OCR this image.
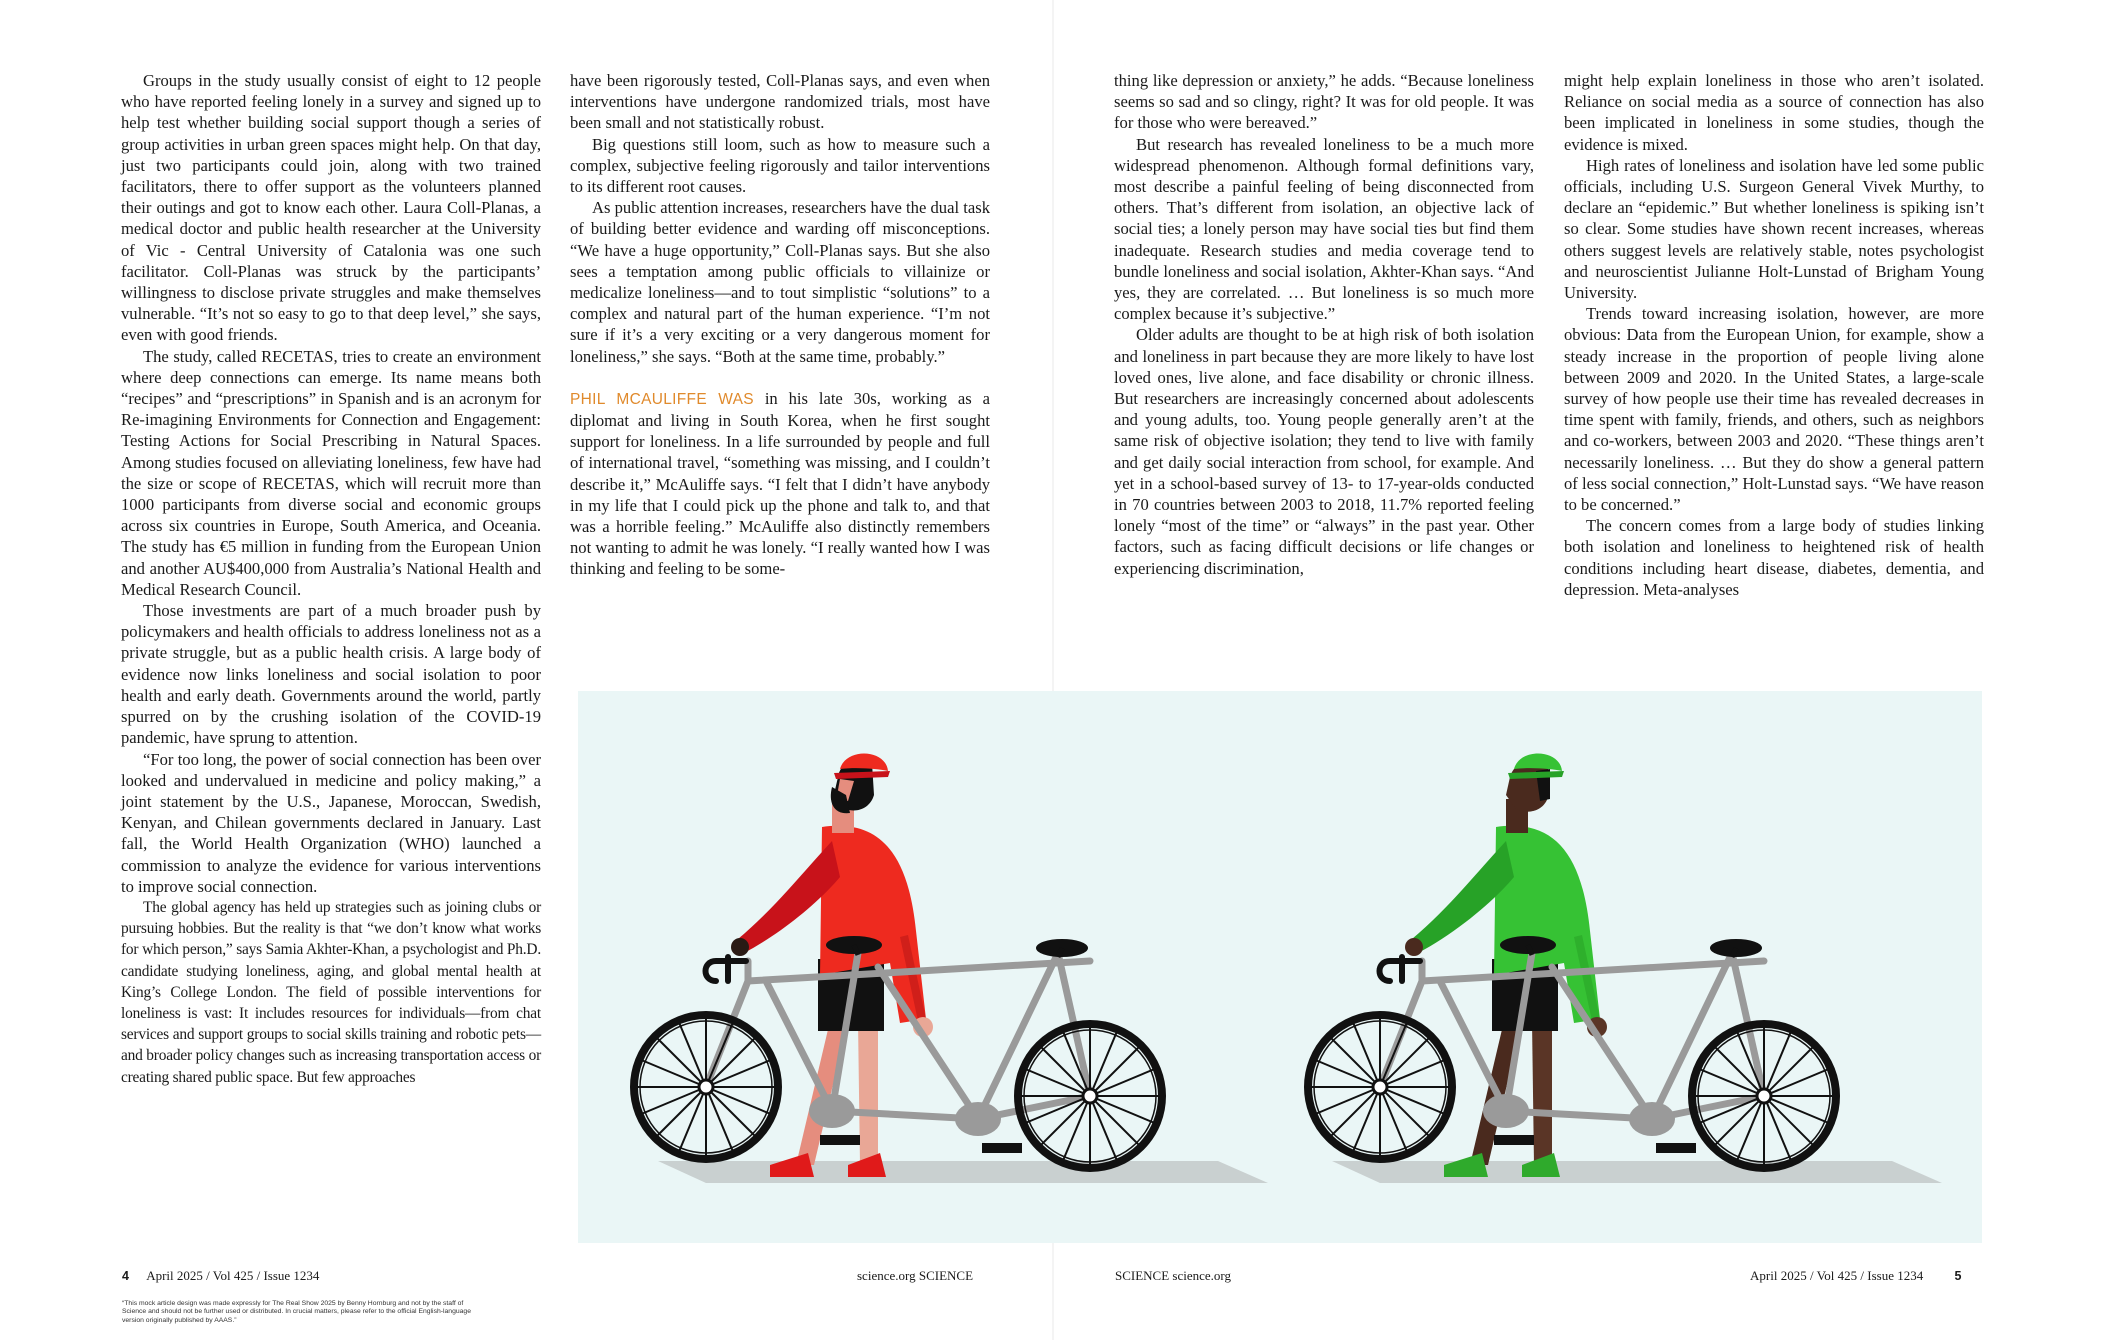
Groups in the study usually consist of eight to 12 people who have reported feeling lonely in a survey and signed up to help test whether building social support though a series of group activities in urban green spaces might help. On that day, just two participants could join, along with two trained facilitators, there to offer support as the volunteers planned their outings and got to know each other. Laura Coll-Planas, a medical doctor and public health researcher at the University of Vic - Central University of Catalonia was one such facilitator. Coll-Planas was struck by the participants’ willingness to disclose private struggles and make themselves vulnerable. “It’s not so easy to go to that deep level,” she says, even with good friends.

The study, called RECETAS, tries to create an environment where deep connections can emerge. Its name means both “recipes” and “prescriptions” in Spanish and is an acronym for Re-imagining Environments for Connection and Engagement: Testing Actions for Social Prescribing in Natural Spaces. Among studies focused on alleviating loneliness, few have had the size or scope of RECETAS, which will recruit more than 1000 participants from diverse social and economic groups across six countries in Europe, South America, and Oceania. The study has €5 million in funding from the European Union and another AU$400,000 from Australia’s National Health and Medical Research Council.

Those investments are part of a much broader push by policymakers and health officials to address loneliness not as a private struggle, but as a public health crisis. A large body of evidence now links loneliness and social isolation to poor health and early death. Governments around the world, partly spurred on by the crushing isolation of the COVID-19 pandemic, have sprung to attention.

“For too long, the power of social connection has been over looked and undervalued in medicine and policy making,” a joint statement by the U.S., Japanese, Moroccan, Swedish, Kenyan, and Chilean governments declared in January. Last fall, the World Health Organization (WHO) launched a commission to analyze the evidence for various interventions to improve social connection.

The global agency has held up strategies such as joining clubs or pursuing hobbies. But the reality is that “we don’t know what works for which person,” says Samia Akhter-Khan, a psychologist and Ph.D. candidate studying loneliness, aging, and global mental health at King’s College London. The field of possible interventions for loneliness is vast: It includes resources for individuals—from chat services and support groups to social skills training and robotic pets—and broader policy changes such as increasing transportation access or creating shared public space. But few approaches

have been rigorously tested, Coll-Planas says, and even when interventions have undergone randomized trials, most have been small and not statistically robust.

Big questions still loom, such as how to measure such a complex, subjective feeling rigorously and tailor interventions to its different root causes.

As public attention increases, researchers have the dual task of building better evidence and warding off misconceptions. “We have a huge opportunity,” Coll-Planas says. But she also sees a temptation among public officials to villainize or medicalize loneliness—and to tout simplistic “solutions” to a complex and natural part of the human experience. “I’m not sure if it’s a very exciting or a very dangerous moment for loneliness,” she says. “Both at the same time, probably.”

PHIL MCAULIFFE WAS in his late 30s, working as a diplomat and living in South Korea, when he first sought support for loneliness. In a life surrounded by people and full of international travel, “something was missing, and I couldn’t describe it,” McAuliffe says. “I felt that I didn’t have anybody in my life that I could pick up the phone and talk to, and that was a horrible feeling.” McAuliffe also distinctly remembers not wanting to admit he was lonely. “I really wanted how I was thinking and feeling to be some-

thing like depression or anxiety,” he adds. “Because loneliness seems so sad and so clingy, right? It was for old people. It was for those who were bereaved.”

But research has revealed loneliness to be a much more widespread phenomenon. Although formal definitions vary, most describe a painful feeling of being disconnected from others. That’s different from isolation, an objective lack of social ties; a lonely person may have social ties but find them inadequate. Research studies and media coverage tend to bundle loneliness and social isolation, Akhter-Khan says. “And yes, they are correlated. … But loneliness is so much more complex because it’s subjective.”

Older adults are thought to be at high risk of both isolation and loneliness in part because they are more likely to have lost loved ones, live alone, and face disability or chronic illness. But researchers are increasingly concerned about adolescents and young adults, too. Young people generally aren’t at the same risk of objective isolation; they tend to live with family and get daily social interaction from school, for example. And yet in a school-based survey of 13- to 17-year-olds conducted in 70 countries between 2003 to 2018, 11.7% reported feeling lonely “most of the time” or “always” in the past year. Other factors, such as facing difficult decisions or life changes or experiencing discrimination,

might help explain loneliness in those who aren’t isolated. Reliance on social media as a source of connection has also been implicated in loneliness in some studies, though the evidence is mixed.

High rates of loneliness and isolation have led some public officials, including U.S. Surgeon General Vivek Murthy, to declare an “epidemic.” But whether loneliness is spiking isn’t so clear. Some studies have shown recent increases, whereas others suggest levels are relatively stable, notes psychologist and neuroscientist Julianne Holt-Lunstad of Brigham Young University.

Trends toward increasing isolation, however, are more obvious: Data from the European Union, for example, show a steady increase in the proportion of people living alone between 2009 and 2020. In the United States, a large-scale survey of how people use their time has revealed decreases in time spent with family, friends, and others, such as neighbors and co-workers, between 2003 and 2020. “These things aren’t necessarily loneliness. … But they do show a general pattern of less social connection,” Holt-Lunstad says. “We have reason to be concerned.”

The concern comes from a large body of studies linking both isolation and loneliness to heightened risk of health conditions including heart disease, diabetes, dementia, and depression. Meta-analyses

4 April 2025 / Vol 425 / Issue 1234	science.org SCIENCE	SCIENCE science.org	April 2025 / Vol 425 / Issue 1234	5
“This mock article design was made expressly for The Real Show 2025 by Benny Hornburg and not by the staff of Science and should not be further used or distributed. In crucial matters, please refer to the official English-language version originally published by AAAS.”
